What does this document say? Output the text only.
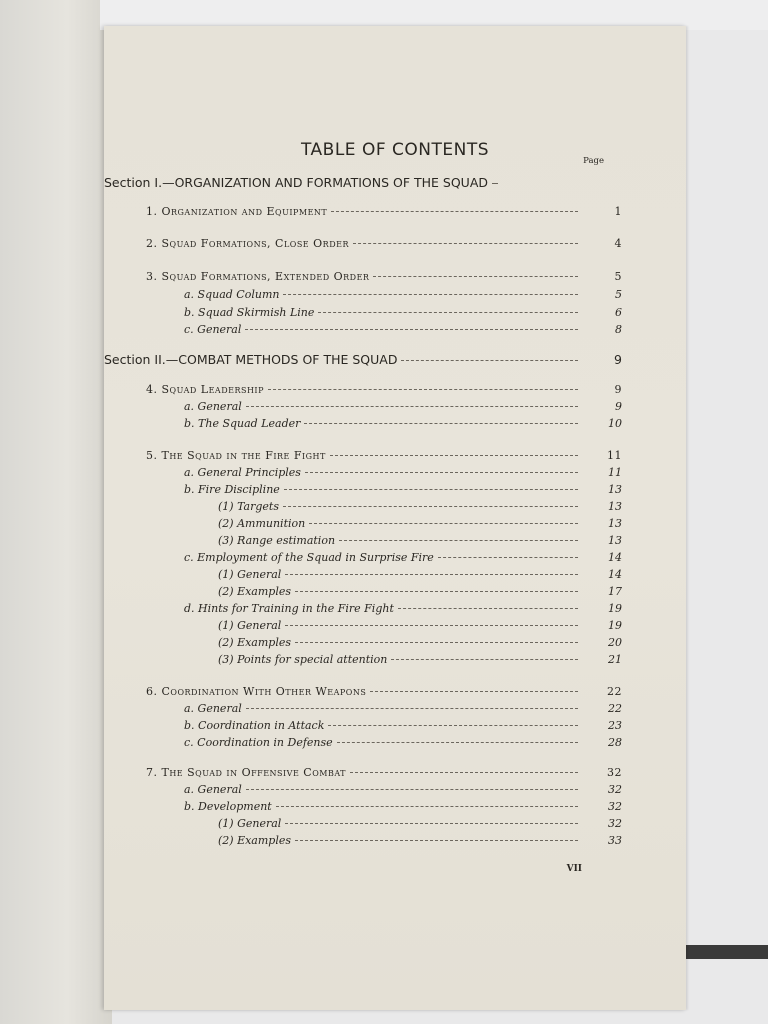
TABLE OF CONTENTS
Page
Section I.—ORGANIZATION AND FORMATIONS OF THE SQUAD
1. Organization and Equipment	1
2. Squad Formations, Close Order	4
3. Squad Formations, Extended Order	5
a. Squad Column	5
b. Squad Skirmish Line	6
c. General	8
Section II.—COMBAT METHODS OF THE SQUAD	9
4. Squad Leadership	9
a. General	9
b. The Squad Leader	10
5. The Squad in the Fire Fight	11
a. General Principles	11
b. Fire Discipline	13
(1) Targets	13
(2) Ammunition	13
(3) Range estimation	13
c. Employment of the Squad in Surprise Fire	14
(1) General	14
(2) Examples	17
d. Hints for Training in the Fire Fight	19
(1) General	19
(2) Examples	20
(3) Points for special attention	21
6. Coordination With Other Weapons	22
a. General	22
b. Coordination in Attack	23
c. Coordination in Defense	28
7. The Squad in Offensive Combat	32
a. General	32
b. Development	32
(1) General	32
(2) Examples	33
VII
